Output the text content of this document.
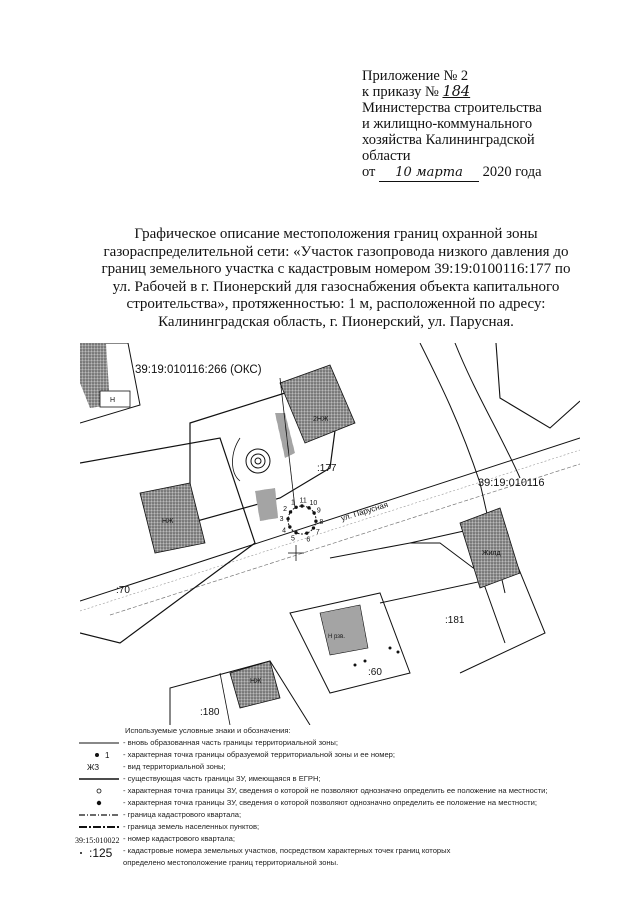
Приложение № 2
к приказу № 184
Министерства строительства
и жилищно-коммунального
хозяйства Калининградской
области
от 10 марта 2020 года
Графическое описание местоположения границ охранной зоны
газораспределительной сети: «Участок газопровода низкого давления до
границ земельного участка с кадастровым номером 39:19:0100116:177 по
ул. Рабочей в г. Пионерский для газоснабжения объекта капитального
строительства», протяженностью: 1 м, расположенной по адресу:
Калининградская область, г. Пионерский, ул. Парусная.
39:19:010116:266 (ОКС)
39:19:010116
ул. Парусная
:177
:70
:181
:60
:180
2НЖ
НЖ
Н
НЖ
Жилд
Н рзв.
1
2
3
4
5 6
7
8
9
10
11
Используемые условные знаки и обозначения:
- вновь образованная часть границы территориальной зоны;
1 - характерная точка границы образуемой территориальной зоны и ее номер;
ЖЗ	- вид территориальной зоны;
- существующая часть границы ЗУ, имеющаяся в ЕГРН;
- характерная точка границы ЗУ, сведения о которой не позволяют однозначно определить ее положение на местности;
- характерная точка границы ЗУ, сведения о которой позволяют однозначно определить ее положение на местности;
- граница кадастрового квартала;
- граница земель населенных пунктов;
39:15:010022 - номер кадастрового квартала;
:125 - кадастровые номера земельных участков, посредством характерных точек границ которых
определено местоположение границ территориальной зоны.
